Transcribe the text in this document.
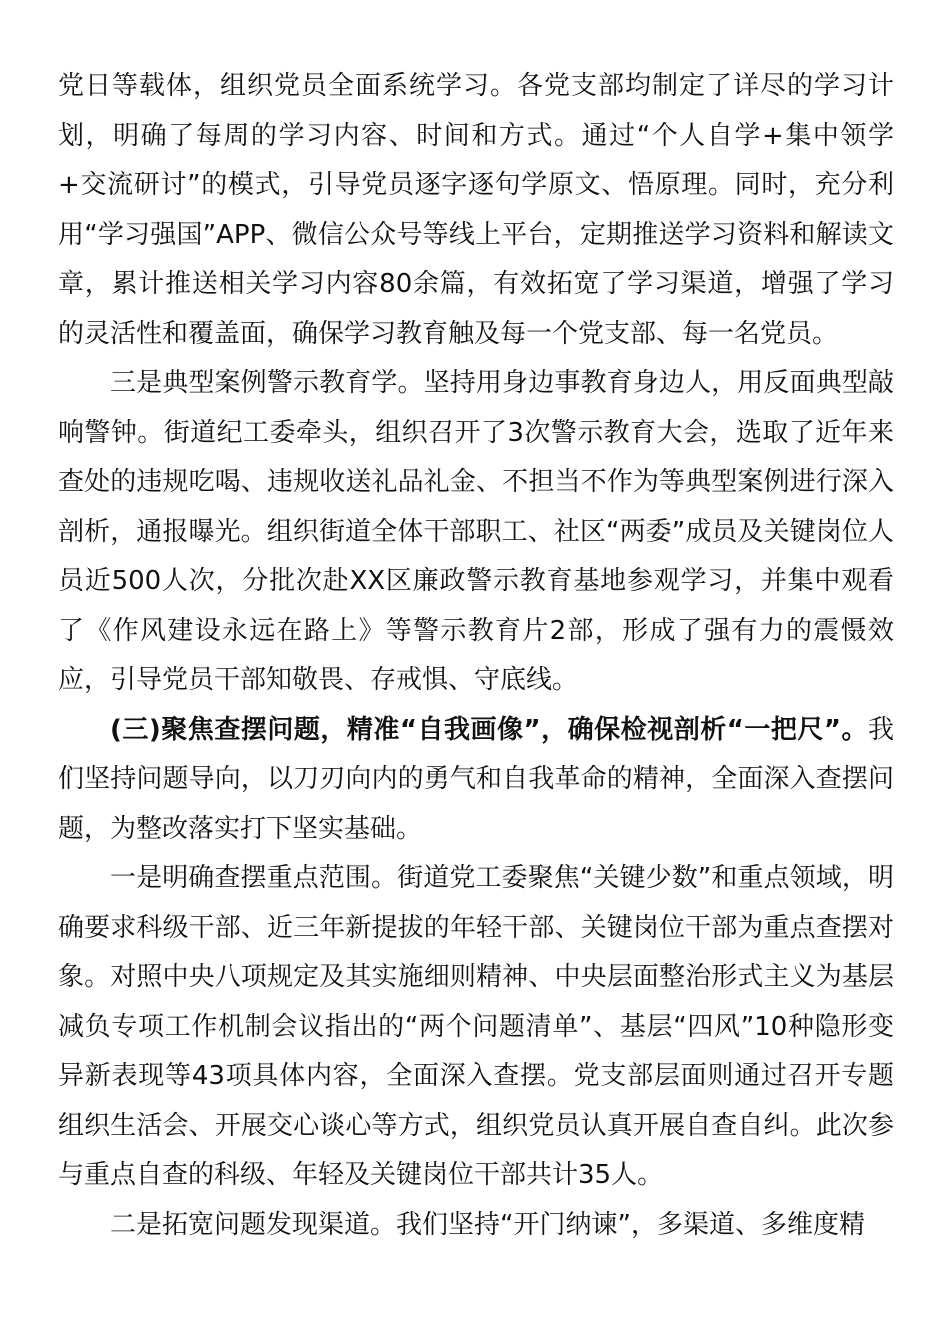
党日等载体，组织党员全面系统学习。各党支部均制定了详尽的学习计划，明确了每周的学习内容、时间和方式。通过“个人自学+集中领学+交流研讨”的模式，引导党员逐字逐句学原文、悟原理。同时，充分利用“学习强国”APP、微信公众号等线上平台，定期推送学习资料和解读文章，累计推送相关学习内容80余篇，有效拓宽了学习渠道，增强了学习的灵活性和覆盖面，确保学习教育触及每一个党支部、每一名党员。

三是典型案例警示教育学。坚持用身边事教育身边人，用反面典型敲响警钟。街道纪工委牵头，组织召开了3次警示教育大会，选取了近年来查处的违规吃喝、违规收送礼品礼金、不担当不作为等典型案例进行深入剖析，通报曝光。组织街道全体干部职工、社区“两委”成员及关键岗位人员近500人次，分批次赴XX区廉政警示教育基地参观学习，并集中观看了《作风建设永远在路上》等警示教育片2部，形成了强有力的震慑效应，引导党员干部知敬畏、存戒惧、守底线。

(三)聚焦查摆问题，精准“自我画像”，确保检视剖析“一把尺”。我们坚持问题导向，以刀刃向内的勇气和自我革命的精神，全面深入查摆问题，为整改落实打下坚实基础。

一是明确查摆重点范围。街道党工委聚焦“关键少数”和重点领域，明确要求科级干部、近三年新提拔的年轻干部、关键岗位干部为重点查摆对象。对照中央八项规定及其实施细则精神、中央层面整治形式主义为基层减负专项工作机制会议指出的“两个问题清单”、基层“四风”10种隐形变异新表现等43项具体内容，全面深入查摆。党支部层面则通过召开专题组织生活会、开展交心谈心等方式，组织党员认真开展自查自纠。此次参与重点自查的科级、年轻及关键岗位干部共计35人。

二是拓宽问题发现渠道。我们坚持“开门纳谏”，多渠道、多维度精
